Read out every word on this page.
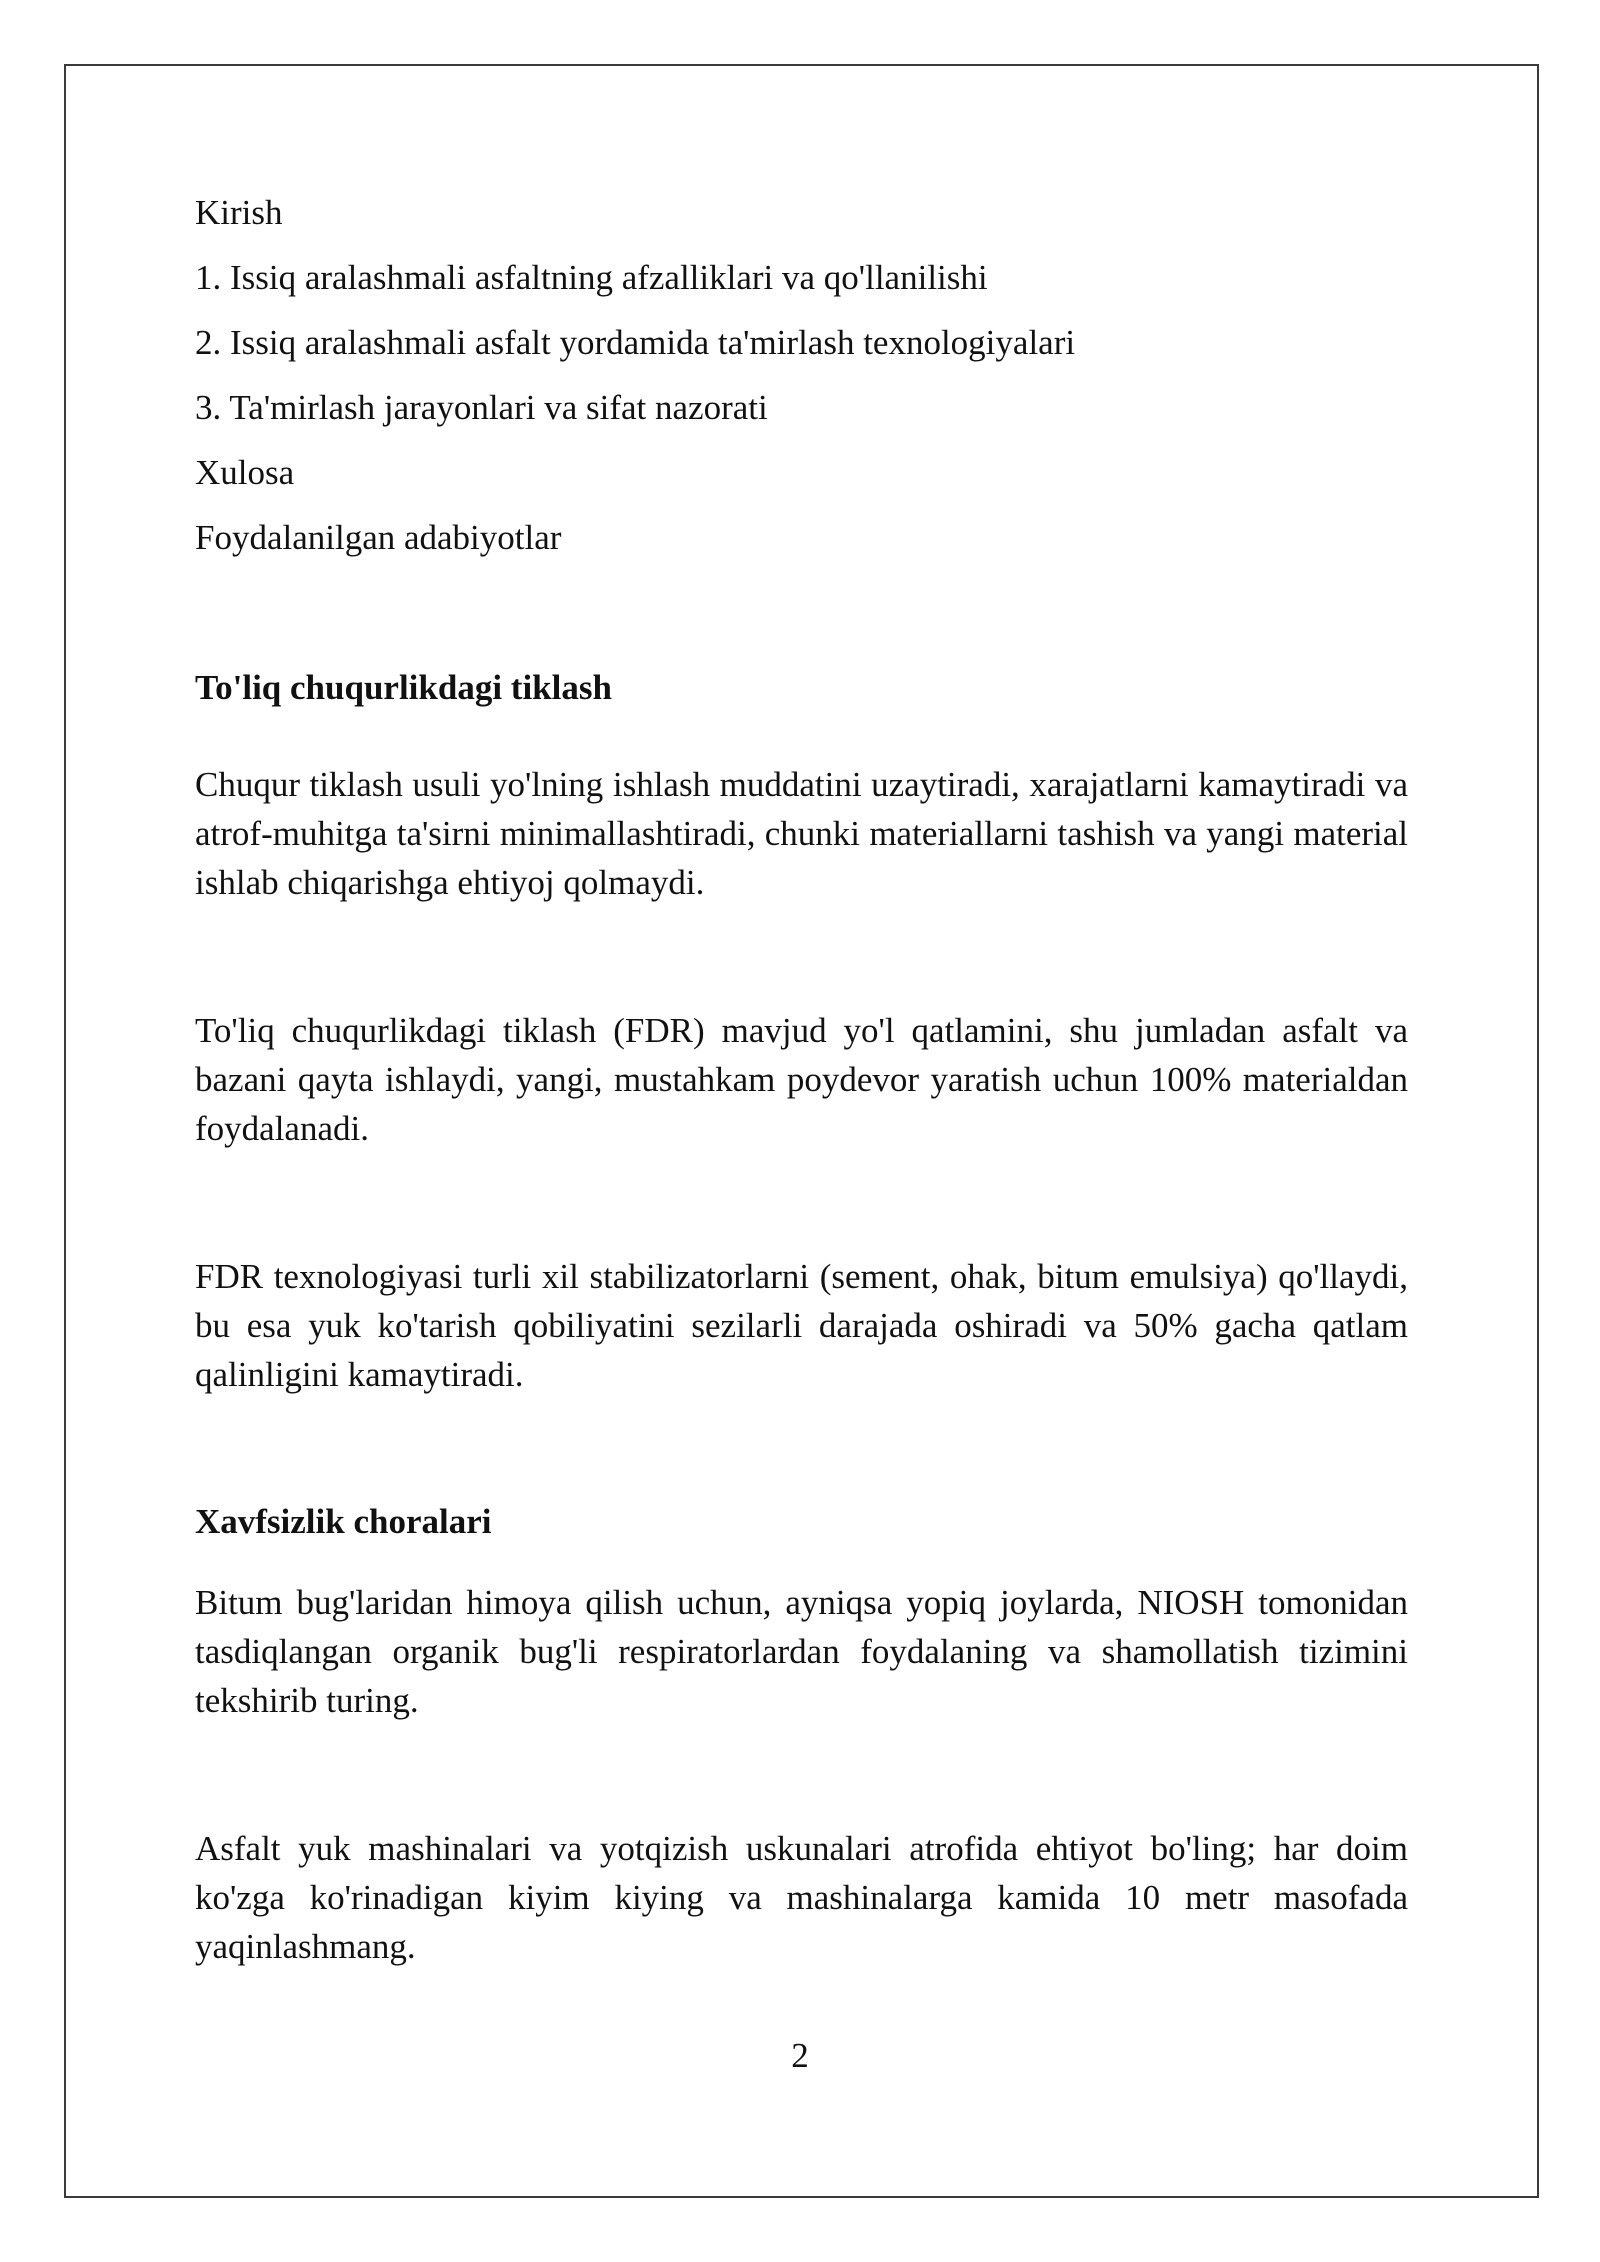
Kirish

1. Issiq aralashmali asfaltning afzalliklari va qo'llanilishi

2. Issiq aralashmali asfalt yordamida ta'mirlash texnologiyalari

3. Ta'mirlash jarayonlari va sifat nazorati

Xulosa

Foydalanilgan adabiyotlar

To'liq chuqurlikdagi tiklash

Chuqur tiklash usuli yo'lning ishlash muddatini uzaytiradi, xarajatlarni kamaytiradi va atrof-muhitga ta'sirni minimallashtiradi, chunki materiallarni tashish va yangi material ishlab chiqarishga ehtiyoj qolmaydi.

To'liq chuqurlikdagi tiklash (FDR) mavjud yo'l qatlamini, shu jumladan asfalt va bazani qayta ishlaydi, yangi, mustahkam poydevor yaratish uchun 100% materialdan foydalanadi.

FDR texnologiyasi turli xil stabilizatorlarni (sement, ohak, bitum emulsiya) qo'llaydi, bu esa yuk ko'tarish qobiliyatini sezilarli darajada oshiradi va 50% gacha qatlam qalinligini kamaytiradi.

Xavfsizlik choralari

Bitum bug'laridan himoya qilish uchun, ayniqsa yopiq joylarda, NIOSH tomonidan tasdiqlangan organik bug'li respiratorlardan foydalaning va shamollatish tizimini tekshirib turing.

Asfalt yuk mashinalari va yotqizish uskunalari atrofida ehtiyot bo'ling; har doim ko'zga ko'rinadigan kiyim kiying va mashinalarga kamida 10 metr masofada yaqinlashmang.

2
